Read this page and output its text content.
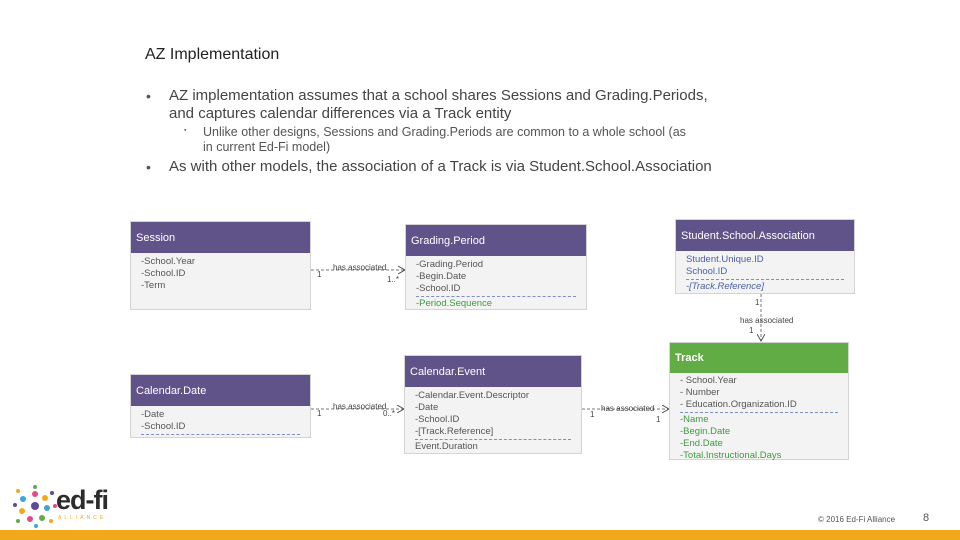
AZ Implementation
• AZ implementation assumes that a school shares Sessions and Grading.Periods,
and captures calendar differences via a Track entity
▪ Unlike other designs, Sessions and Grading.Periods are common to a whole school (as
in current Ed-Fi model)
• As with other models, the association of a Track is via Student.School.Association
Session
-School.Year
-School.ID
-Term
Grading.Period
-Grading.Period
-Begin.Date
-School.ID
-Period.Sequence
Student.School.Association
Student.Unique.ID
School.ID
-[Track.Reference]
Calendar.Date
-Date
-School.ID
Calendar.Event
-Calendar.Event.Descriptor
-Date
-School.ID
-[Track.Reference]
Event.Duration
Track
- School.Year
- Number
- Education.Organization.ID
-Name
-Begin.Date
-End.Date
-Total.Instructional.Days
has associated
1
1..*
1
has associated
1
has associated
1	0..*
has associated
1
1
ed-fi
ALLIANCE	© 2016 Ed-Fi Alliance	8
